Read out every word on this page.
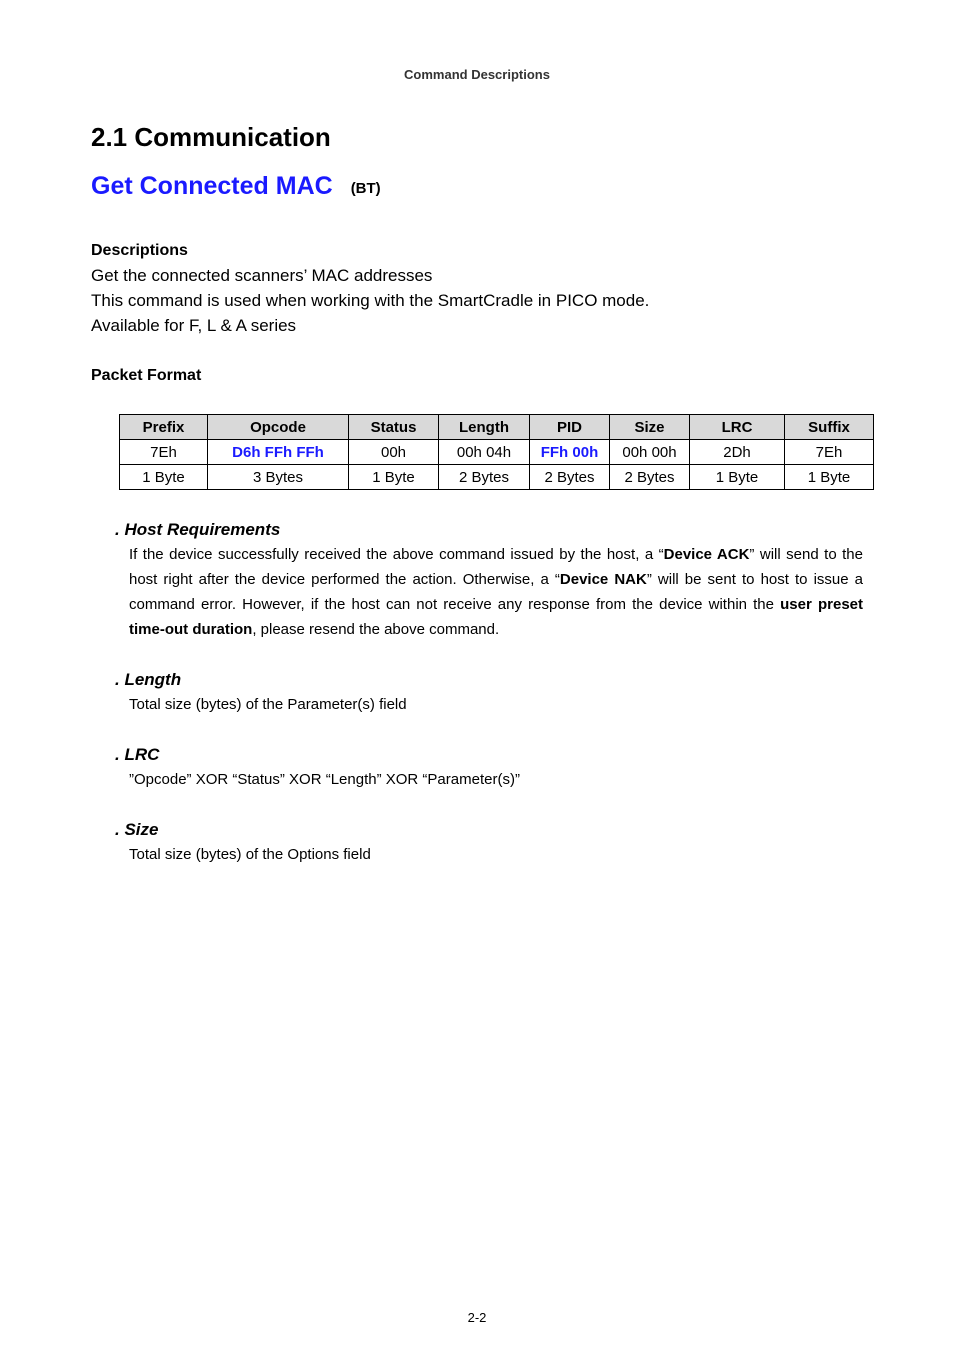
Command Descriptions
2.1 Communication
Get Connected MAC (BT)
Descriptions
Get the connected scanners’ MAC addresses
This command is used when working with the SmartCradle in PICO mode.
Available for F, L & A series
Packet Format
Prefix	Opcode	Status	Length	PID	Size	LRC	Suffix
7Eh	D6h FFh FFh	00h	00h 04h	FFh 00h	00h 00h	2Dh	7Eh
1 Byte	3 Bytes	1 Byte	2 Bytes	2 Bytes	2 Bytes	1 Byte	1 Byte
. Host Requirements
If the device successfully received the above command issued by the host, a “Device ACK” will send to the host right after the device performed the action. Otherwise, a “Device NAK” will be sent to host to issue a command error. However, if the host can not receive any response from the device within the user preset time-out duration, please resend the above command.
. Length
Total size (bytes) of the Parameter(s) field
. LRC
”Opcode” XOR “Status” XOR “Length” XOR “Parameter(s)”
. Size
Total size (bytes) of the Options field
2-2
